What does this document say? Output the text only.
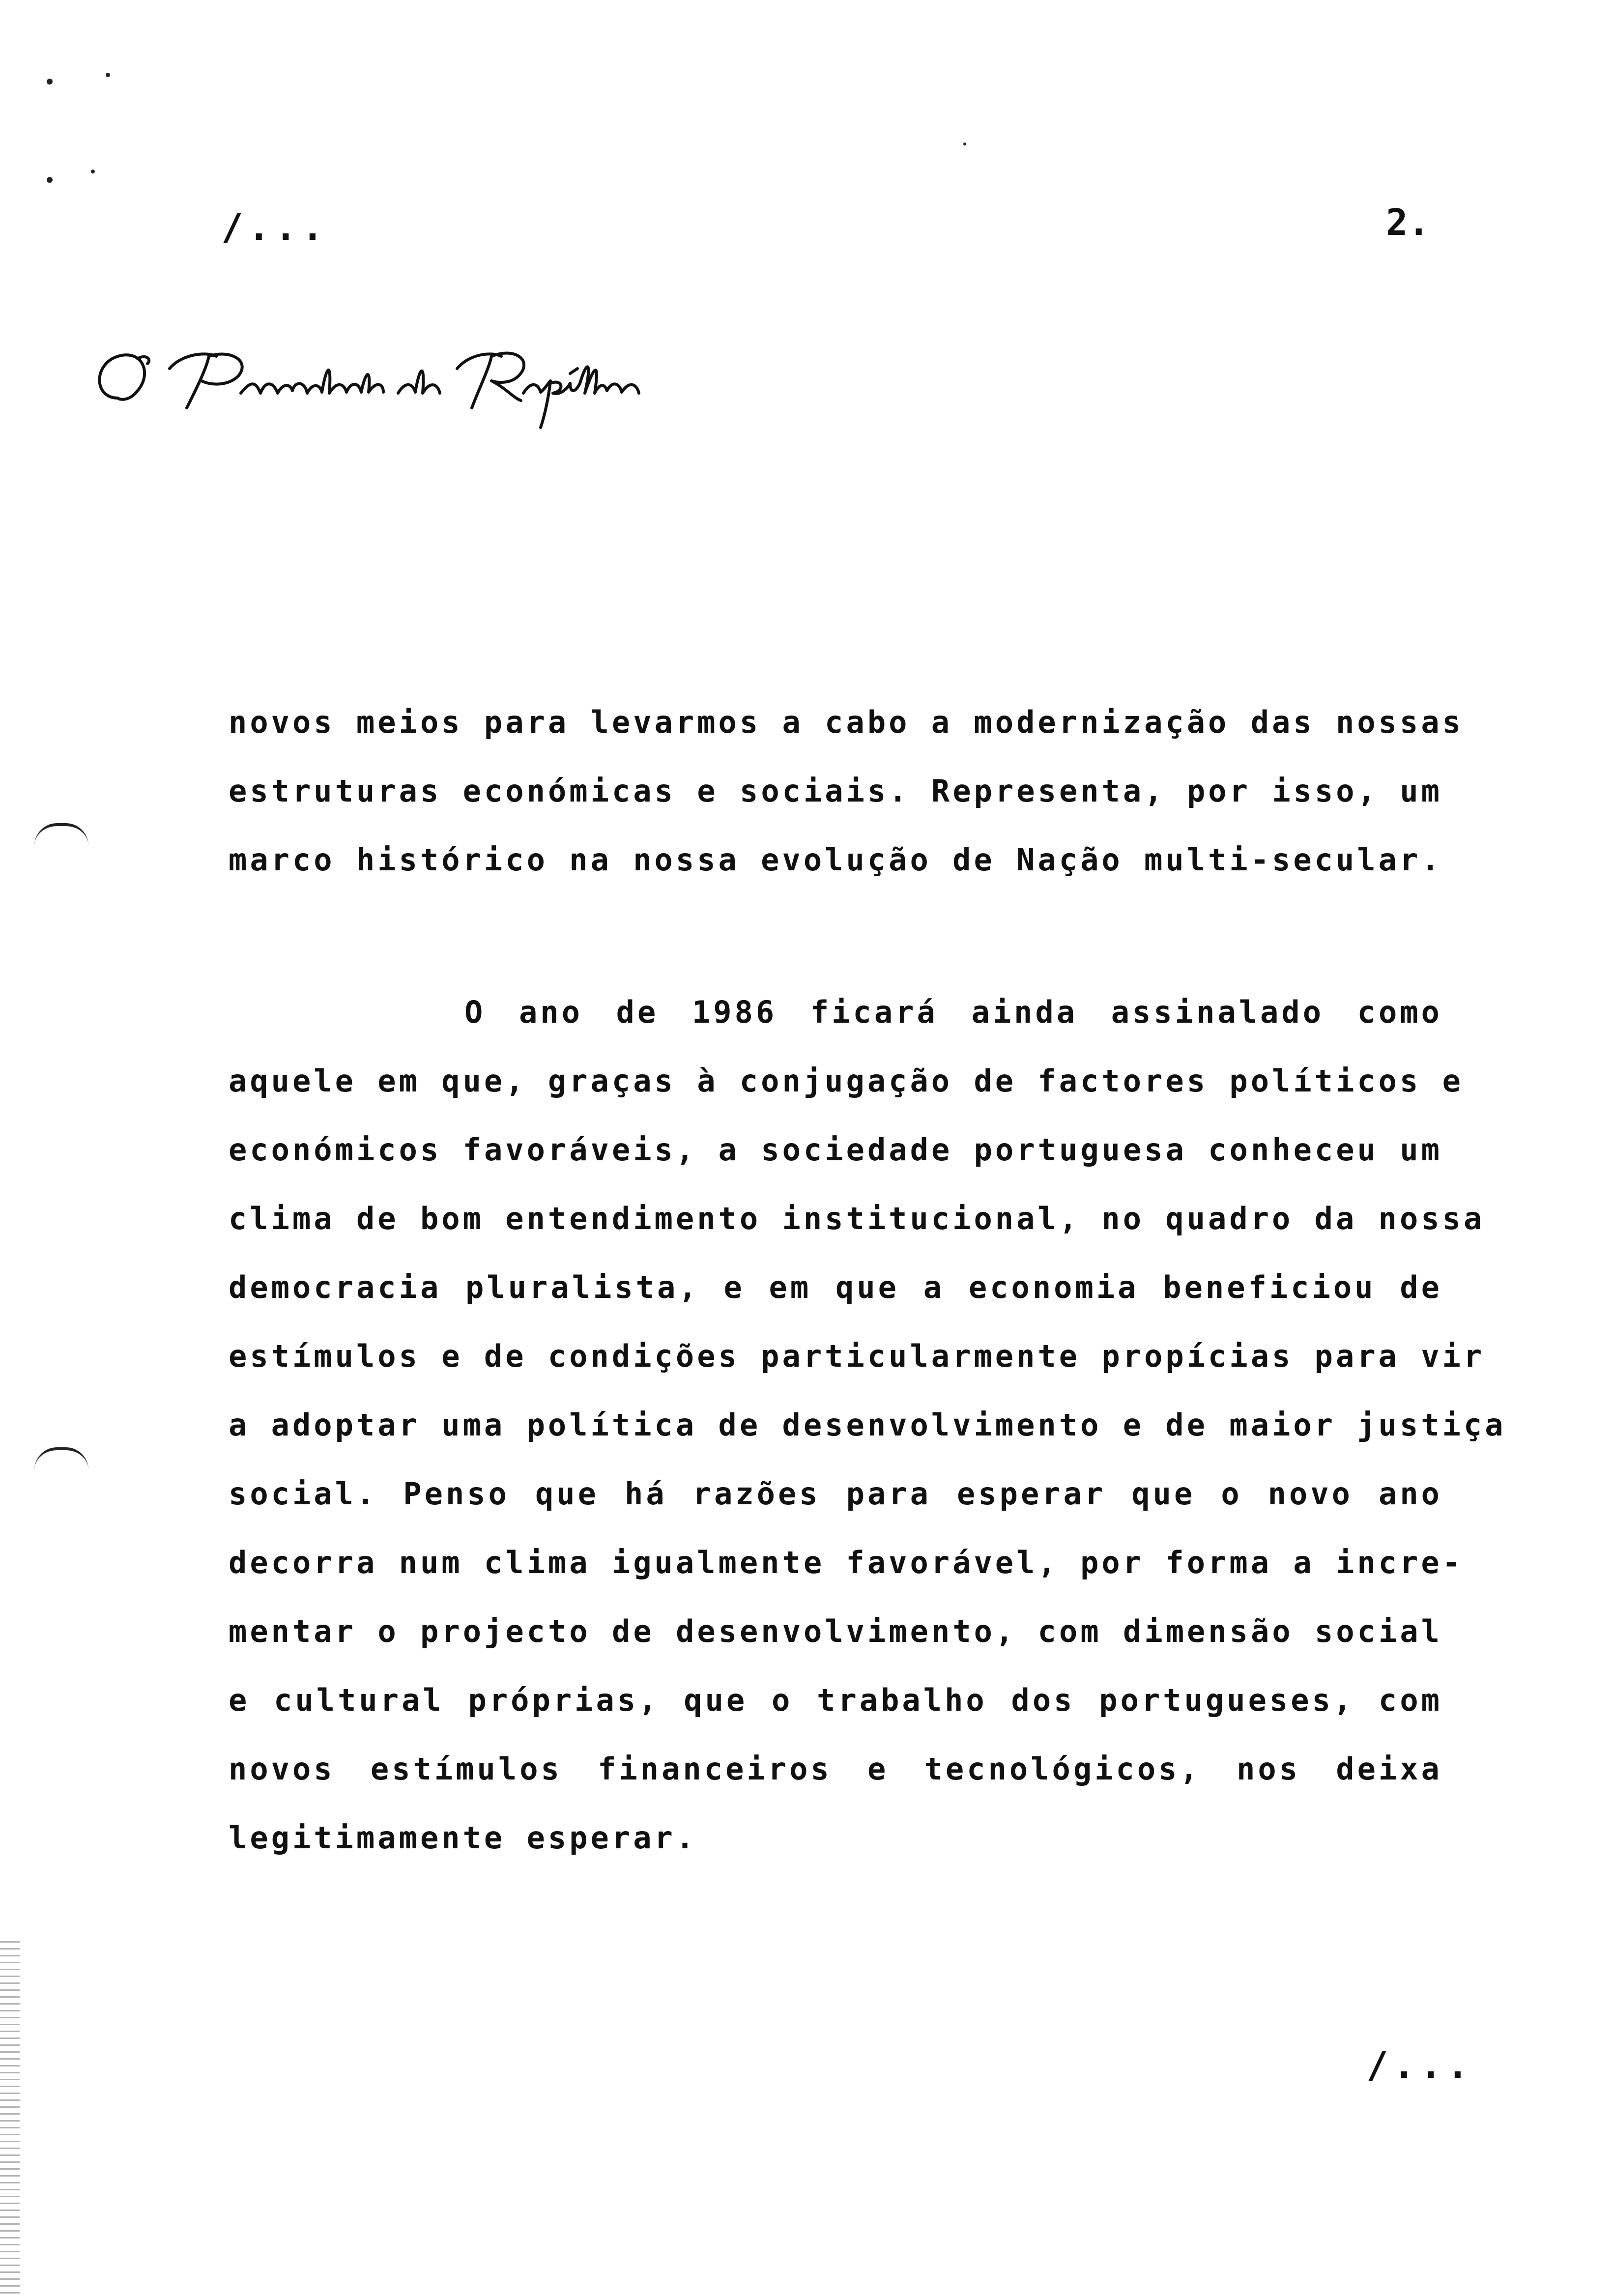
/...	2.
novos meios para levarmos a cabo a modernização das nossas
estruturas económicas e sociais. Representa, por isso, um
marco histórico na nossa evolução de Nação multi-secular.
O ano de 1986 ficará ainda assinalado como
aquele em que, graças à conjugação de factores políticos e
económicos favoráveis, a sociedade portuguesa conheceu um
clima de bom entendimento institucional, no quadro da nossa
democracia pluralista, e em que a economia beneficiou de
estímulos e de condições particularmente propícias para vir
a adoptar uma política de desenvolvimento e de maior justiça
social. Penso que há razões para esperar que o novo ano
decorra num clima igualmente favorável, por forma a incre-
mentar o projecto de desenvolvimento, com dimensão social
e cultural próprias, que o trabalho dos portugueses, com
novos estímulos financeiros e tecnológicos, nos deixa
legitimamente esperar.
/...
